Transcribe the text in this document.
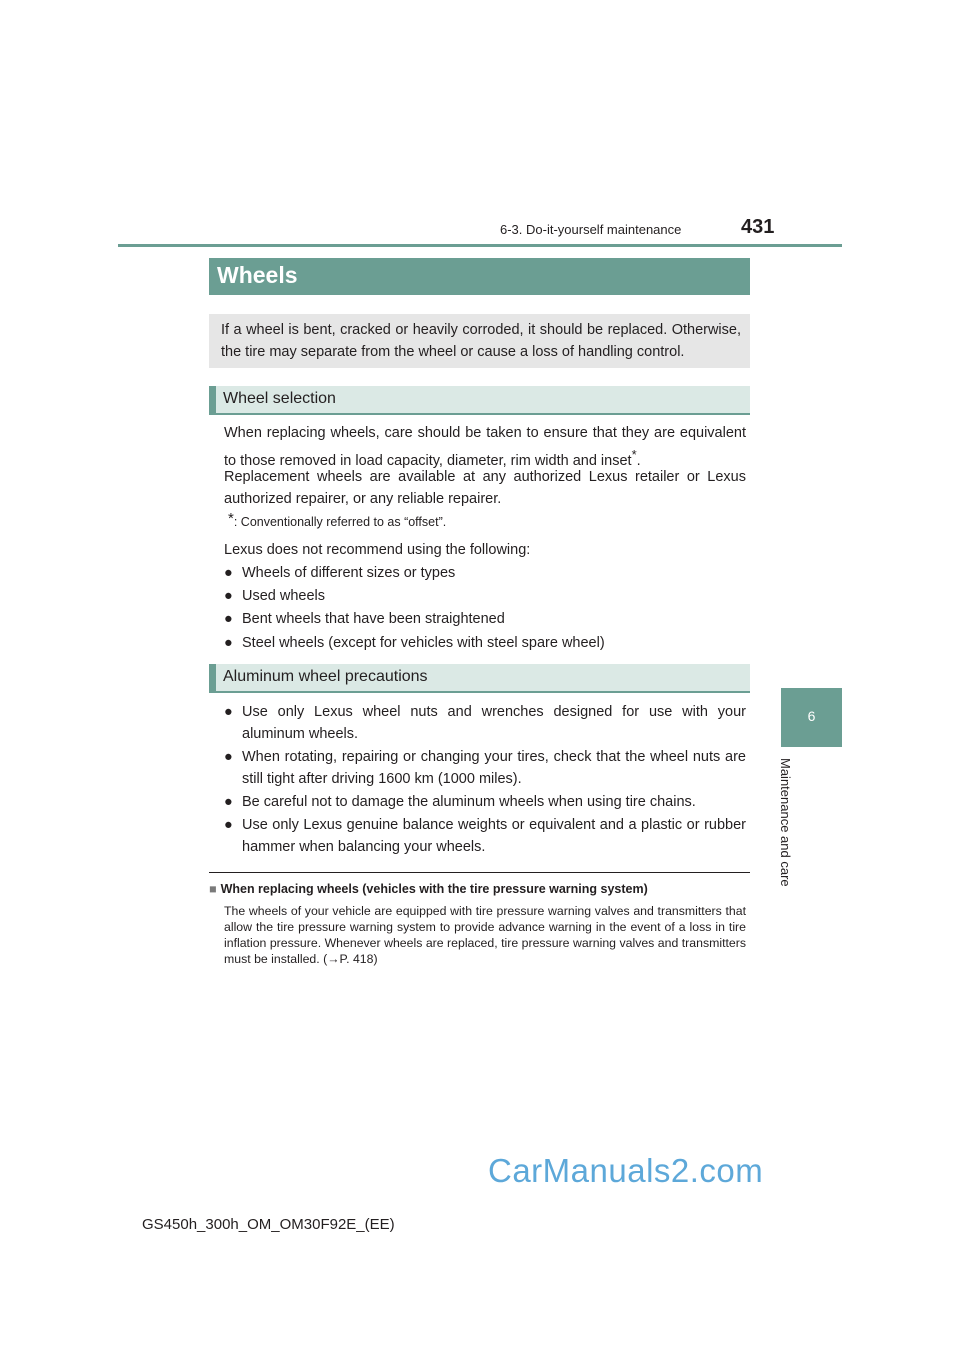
6-3. Do-it-yourself maintenance	431
6
Maintenance and care
Wheels

If a wheel is bent, cracked or heavily corroded, it should be replaced. Otherwise, the tire may separate from the wheel or cause a loss of handling control.

Wheel selection

When replacing wheels, care should be taken to ensure that they are equivalent to those removed in load capacity, diameter, rim width and inset*.

Replacement wheels are available at any authorized Lexus retailer or Lexus authorized repairer, or any reliable repairer.

*: Conventionally referred to as “offset”.

Lexus does not recommend using the following:

● Wheels of different sizes or types
● Used wheels
● Bent wheels that have been straightened
● Steel wheels (except for vehicles with steel spare wheel)
Aluminum wheel precautions
● Use only Lexus wheel nuts and wrenches designed for use with your aluminum wheels.
● When rotating, repairing or changing your tires, check that the wheel nuts are still tight after driving 1600 km (1000 miles).
● Be careful not to damage the aluminum wheels when using tire chains.
● Use only Lexus genuine balance weights or equivalent and a plastic or rubber hammer when balancing your wheels.
■ When replacing wheels (vehicles with the tire pressure warning system)

The wheels of your vehicle are equipped with tire pressure warning valves and transmitters that allow the tire pressure warning system to provide advance warning in the event of a loss in tire inflation pressure. Whenever wheels are replaced, tire pressure warning valves and transmitters must be installed. (→P. 418)

CarManuals2.com
GS450h_300h_OM_OM30F92E_(EE)
